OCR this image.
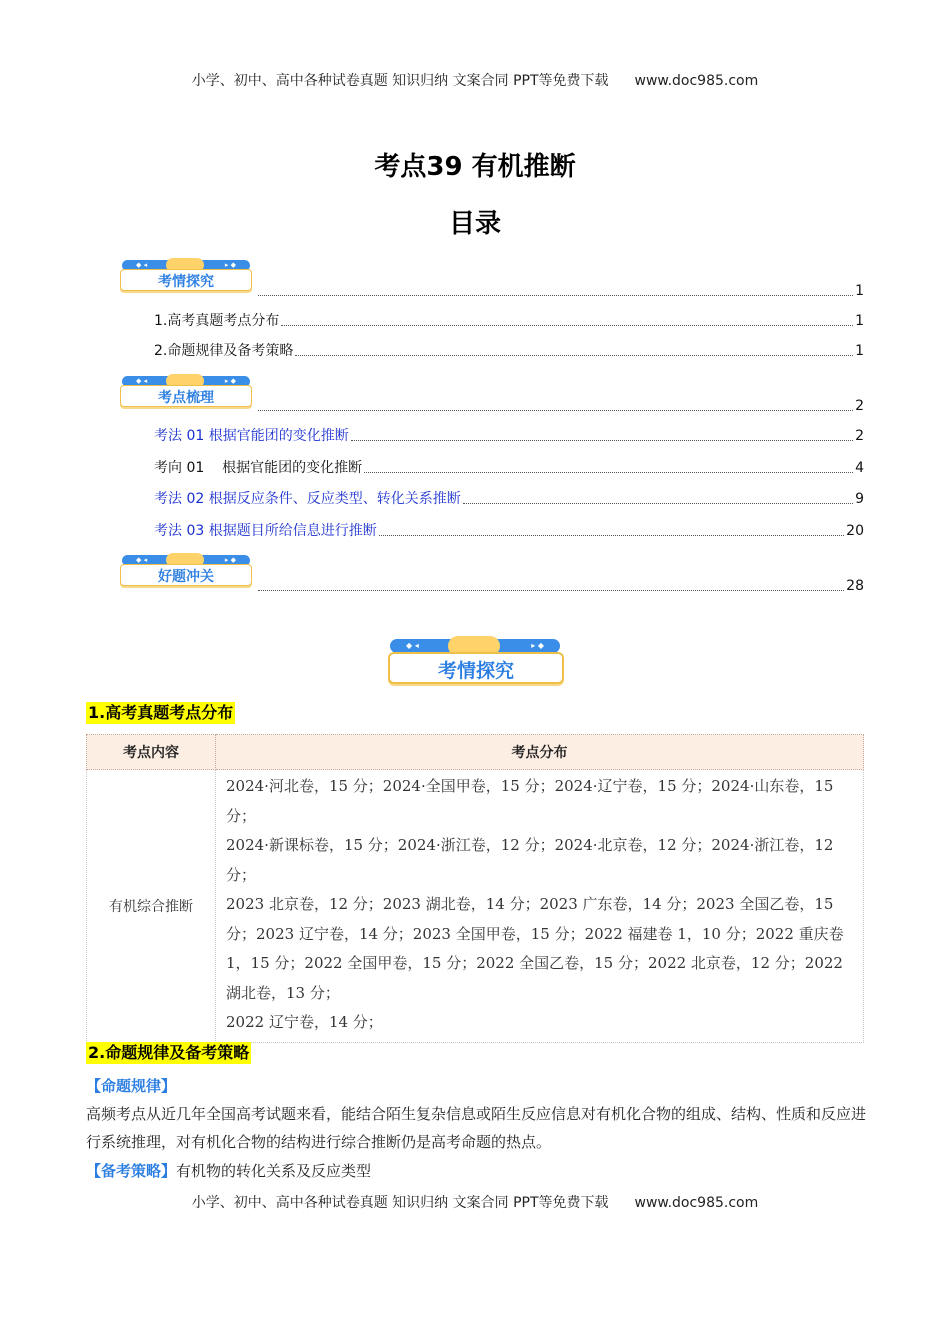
小学、初中、高中各种试卷真题 知识归纳 文案合同 PPT等免费下载 www.doc985.com
考点39 有机推断
目录
◆ ◂	▸ ◆
考情探究
1
1.高考真题考点分布	1
2.命题规律及备考策略	1
◆ ◂	▸ ◆
考点梳理	2
考法 01 根据官能团的变化推断	2
考向 01    根据官能团的变化推断	4
考法 02 根据反应条件、反应类型、转化关系推断	9
考法 03 根据题目所给信息进行推断	20
◆ ◂	▸ ◆
好题冲关
28
◆ ◂	▸ ◆
考情探究
1.高考真题考点分布
考点内容	考点分布
有机综合推断	2024·河北卷，15 分；2024·全国甲卷，15 分；2024·辽宁卷，15 分；2024·山东卷，15 分；

2024·新课标卷，15 分；2024·浙江卷，12 分；2024·北京卷，12 分；2024·浙江卷，12 分；

2023 北京卷，12 分；2023 湖北卷，14 分；2023 广东卷，14 分；2023 全国乙卷，15 分；2023 辽宁卷，14 分；2023 全国甲卷，15 分；2022 福建卷 1，10 分；2022 重庆卷 1，15 分；2022 全国甲卷，15 分；2022 全国乙卷，15 分；2022 北京卷，12 分；2022 湖北卷，13 分；

2022 辽宁卷，14 分；

2.命题规律及备考策略
【命题规律】
高频考点从近几年全国高考试题来看，能结合陌生复杂信息或陌生反应信息对有机化合物的组成、结构、性质和反应进行系统推理，对有机化合物的结构进行综合推断仍是高考命题的热点。
【备考策略】有机物的转化关系及反应类型
小学、初中、高中各种试卷真题 知识归纳 文案合同 PPT等免费下载 www.doc985.com
